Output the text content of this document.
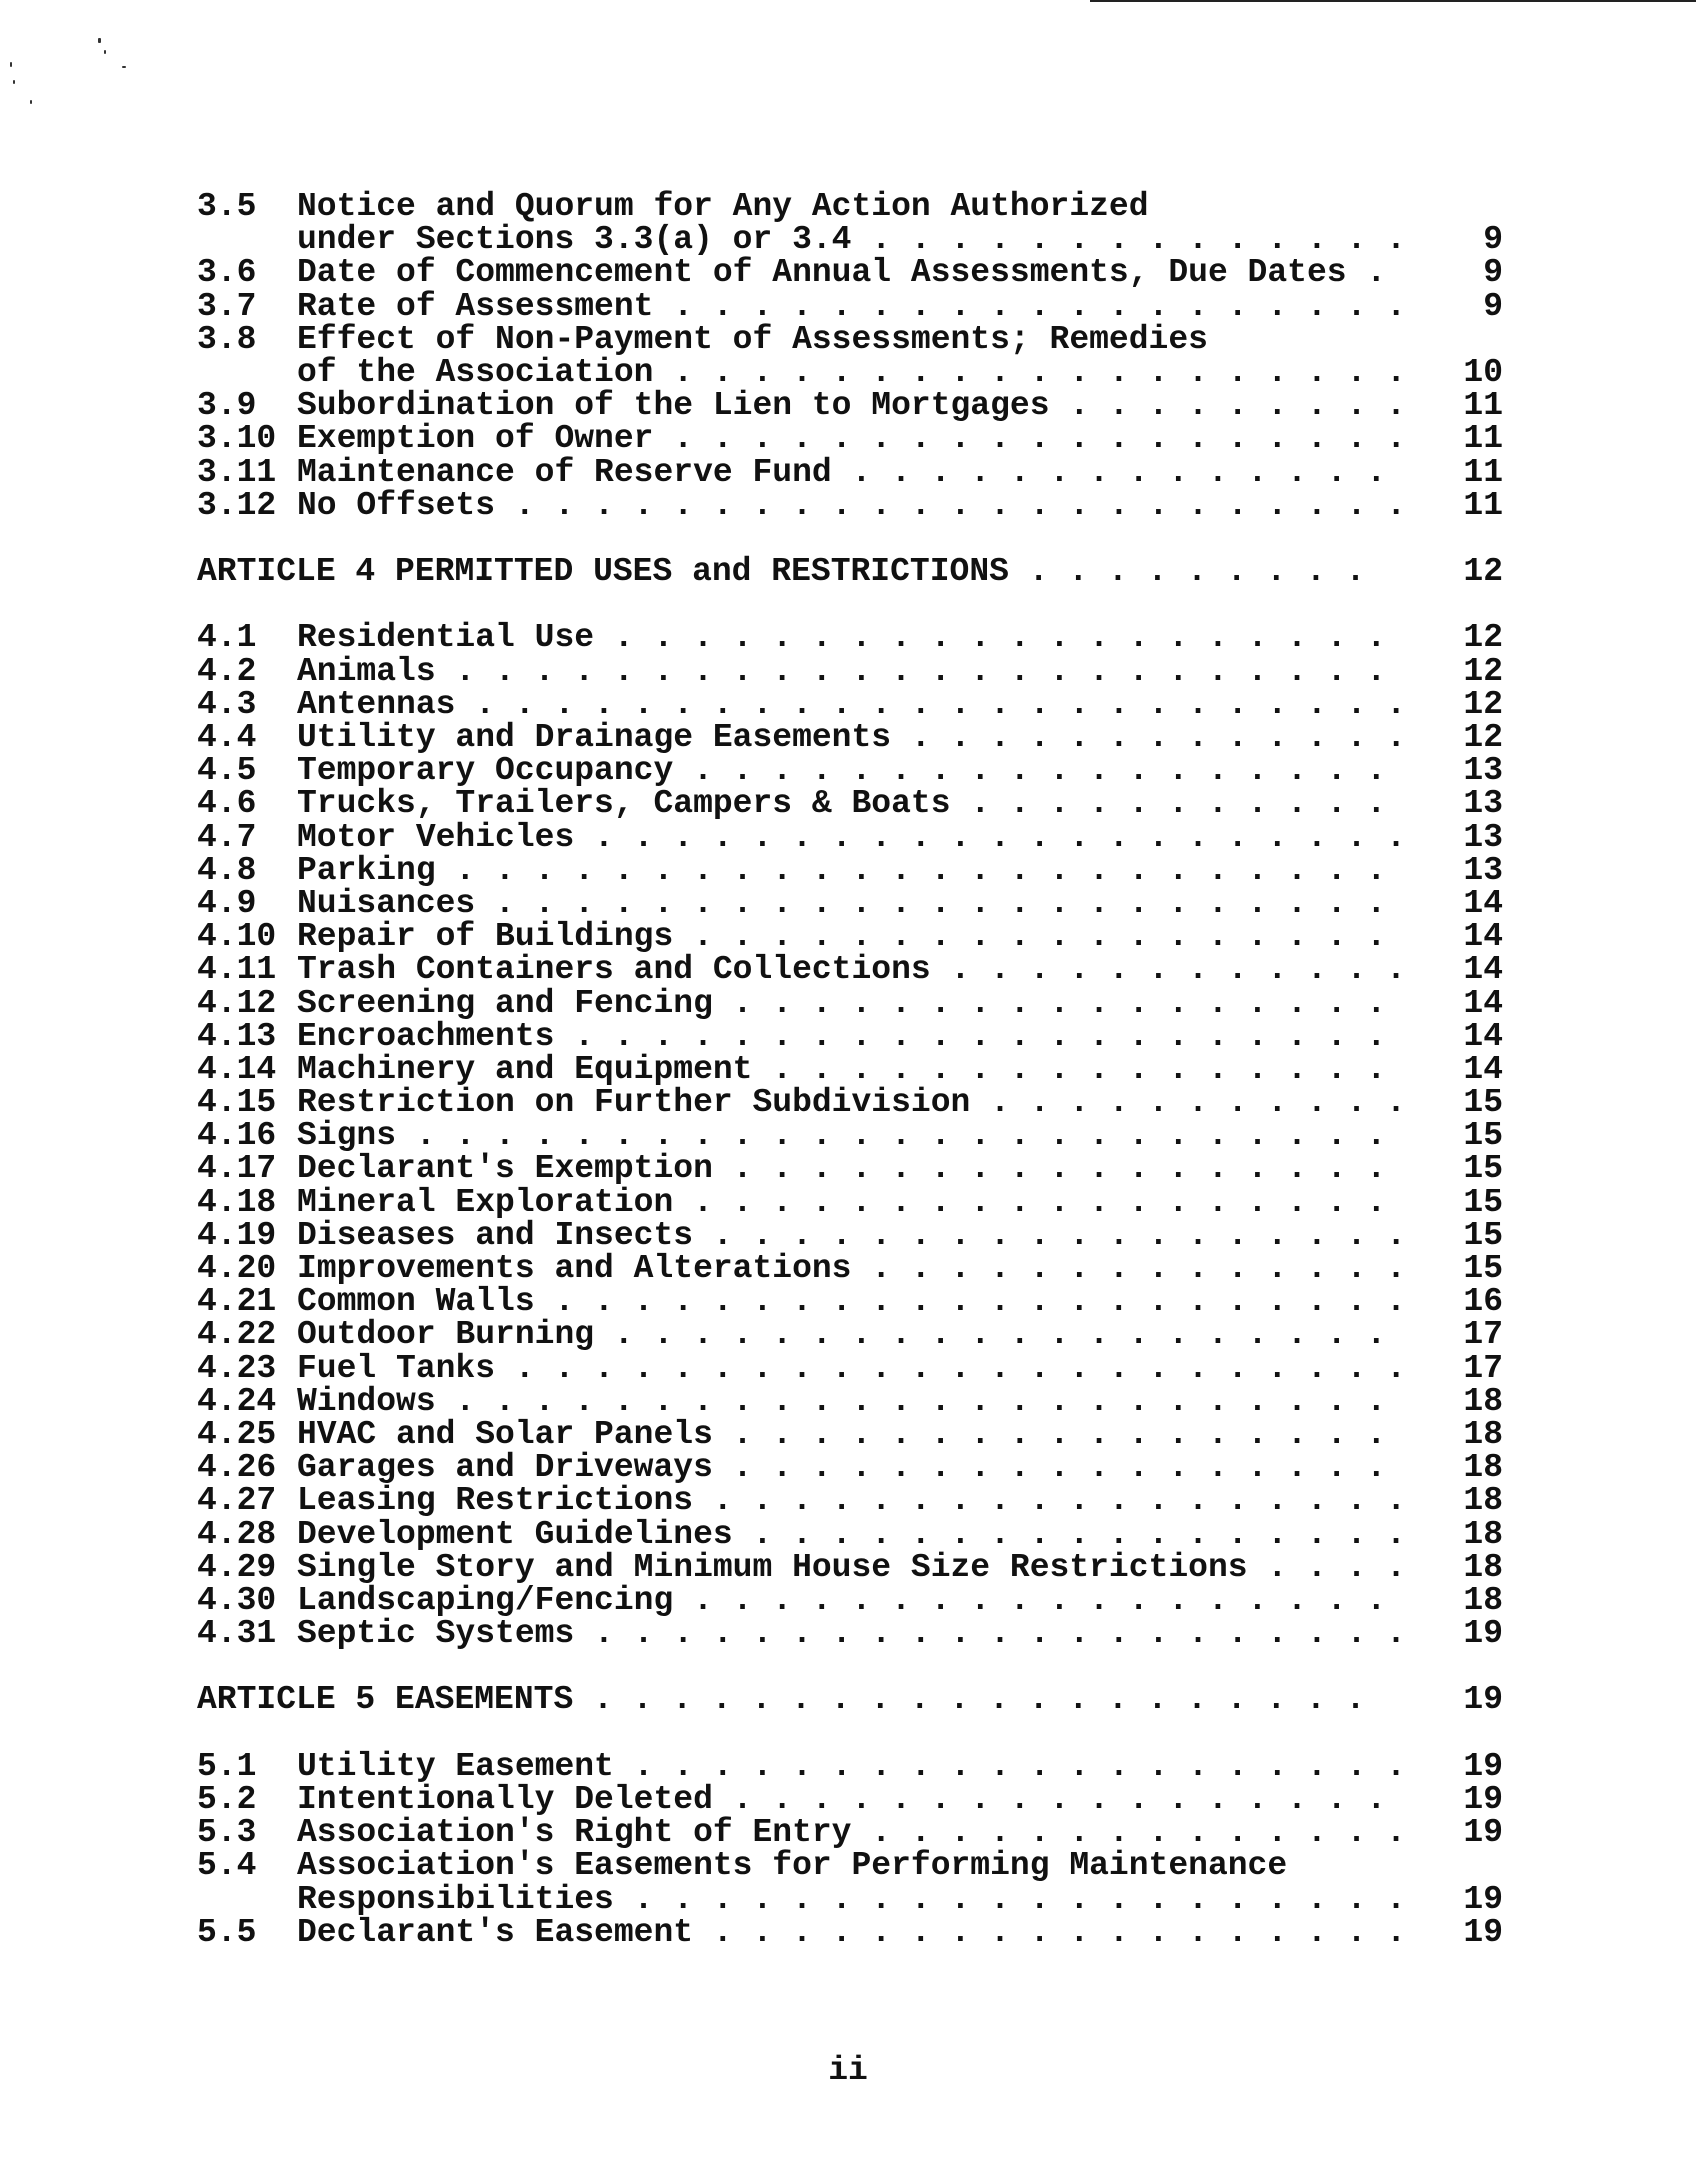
3.5 Notice and Quorum for Any Action Authorized
under Sections 3.3(a) or 3.4 . . . . . . . . . . . . . .	9
3.6 Date of Commencement of Annual Assessments, Due Dates .	9
3.7 Rate of Assessment . . . . . . . . . . . . . . . . . . .	9
3.8 Effect of Non-Payment of Assessments; Remedies
of the Association . . . . . . . . . . . . . . . . . . .	10
3.9 Subordination of the Lien to Mortgages . . . . . . . . .	11
3.10 Exemption of Owner . . . . . . . . . . . . . . . . . . .	11
3.11 Maintenance of Reserve Fund . . . . . . . . . . . . . .	11
3.12 No Offsets . . . . . . . . . . . . . . . . . . . . . . .	11
ARTICLE 4 PERMITTED USES and RESTRICTIONS . . . . . . . . .	12
4.1 Residential Use . . . . . . . . . . . . . . . . . . . .	12
4.2 Animals . . . . . . . . . . . . . . . . . . . . . . . .	12
4.3 Antennas . . . . . . . . . . . . . . . . . . . . . . . .	12
4.4 Utility and Drainage Easements . . . . . . . . . . . . .	12
4.5 Temporary Occupancy . . . . . . . . . . . . . . . . . .	13
4.6 Trucks, Trailers, Campers & Boats . . . . . . . . . . .	13
4.7 Motor Vehicles . . . . . . . . . . . . . . . . . . . . .	13
4.8 Parking . . . . . . . . . . . . . . . . . . . . . . . .	13
4.9 Nuisances . . . . . . . . . . . . . . . . . . . . . . .	14
4.10 Repair of Buildings . . . . . . . . . . . . . . . . . .	14
4.11 Trash Containers and Collections . . . . . . . . . . . .	14
4.12 Screening and Fencing . . . . . . . . . . . . . . . . .	14
4.13 Encroachments . . . . . . . . . . . . . . . . . . . . .	14
4.14 Machinery and Equipment . . . . . . . . . . . . . . . .	14
4.15 Restriction on Further Subdivision . . . . . . . . . . .	15
4.16 Signs . . . . . . . . . . . . . . . . . . . . . . . . .	15
4.17 Declarant's Exemption . . . . . . . . . . . . . . . . .	15
4.18 Mineral Exploration . . . . . . . . . . . . . . . . . .	15
4.19 Diseases and Insects . . . . . . . . . . . . . . . . . .	15
4.20 Improvements and Alterations . . . . . . . . . . . . . .	15
4.21 Common Walls . . . . . . . . . . . . . . . . . . . . . .	16
4.22 Outdoor Burning . . . . . . . . . . . . . . . . . . . .	17
4.23 Fuel Tanks . . . . . . . . . . . . . . . . . . . . . . .	17
4.24 Windows . . . . . . . . . . . . . . . . . . . . . . . .	18
4.25 HVAC and Solar Panels . . . . . . . . . . . . . . . . .	18
4.26 Garages and Driveways . . . . . . . . . . . . . . . . .	18
4.27 Leasing Restrictions . . . . . . . . . . . . . . . . . .	18
4.28 Development Guidelines . . . . . . . . . . . . . . . . .	18
4.29 Single Story and Minimum House Size Restrictions . . . .	18
4.30 Landscaping/Fencing . . . . . . . . . . . . . . . . . .	18
4.31 Septic Systems . . . . . . . . . . . . . . . . . . . . .	19
ARTICLE 5 EASEMENTS . . . . . . . . . . . . . . . . . . . .	19
5.1 Utility Easement . . . . . . . . . . . . . . . . . . . .	19
5.2 Intentionally Deleted . . . . . . . . . . . . . . . . .	19
5.3 Association's Right of Entry . . . . . . . . . . . . . .	19
5.4 Association's Easements for Performing Maintenance
Responsibilities . . . . . . . . . . . . . . . . . . . .	19
5.5 Declarant's Easement . . . . . . . . . . . . . . . . . .	19
ii
